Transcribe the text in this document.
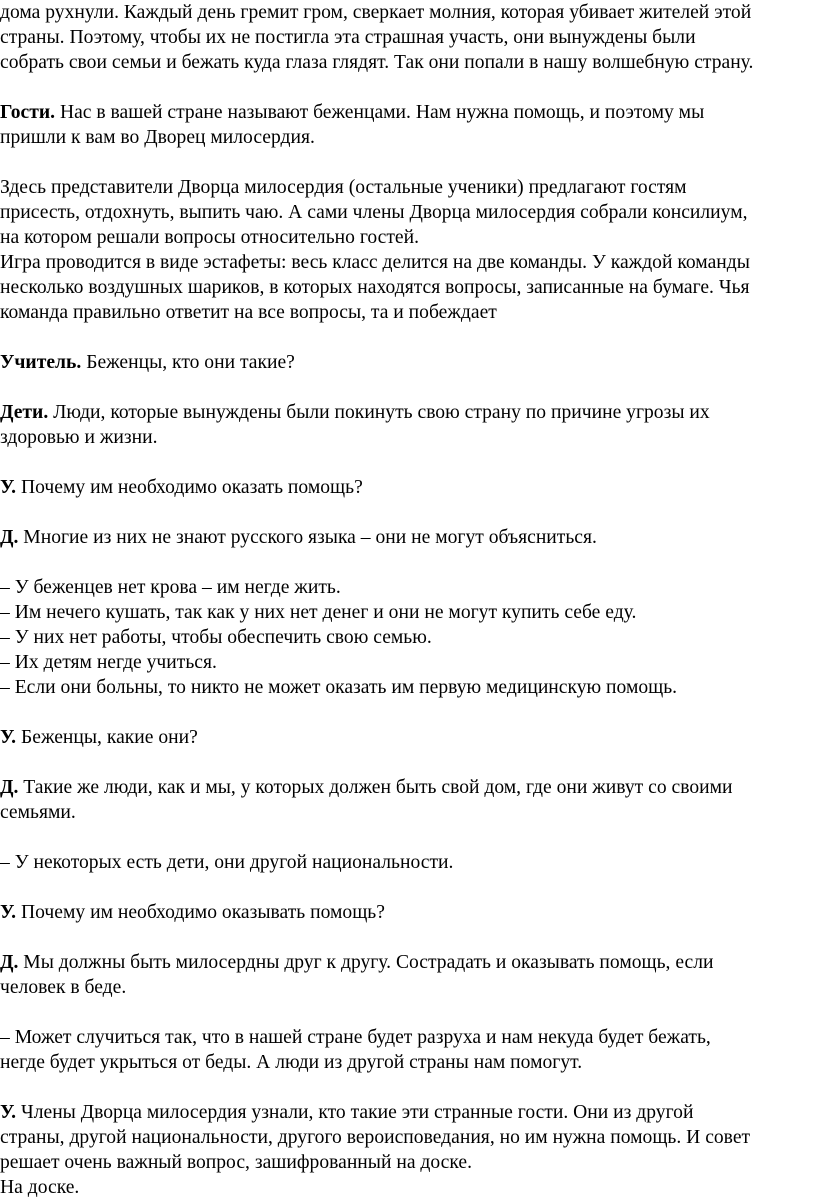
дома рухнули. Каждый день гремит гром, сверкает молния, которая убивает жителей этой
страны. Поэтому, чтобы их не постигла эта страшная участь, они вынуждены были
собрать свои семьи и бежать куда глаза глядят. Так они попали в нашу волшебную страну.
Гости. Нас в вашей стране называют беженцами. Нам нужна помощь, и поэтому мы
пришли к вам во Дворец милосердия.
Здесь представители Дворца милосердия (остальные ученики) предлагают гостям
присесть, отдохнуть, выпить чаю. А сами члены Дворца милосердия собрали консилиум,
на котором решали вопросы относительно гостей.
Игра проводится в виде эстафеты: весь класс делится на две команды. У каждой команды
несколько воздушных шариков, в которых находятся вопросы, записанные на бумаге. Чья
команда правильно ответит на все вопросы, та и побеждает
Учитель. Беженцы, кто они такие?
Дети. Люди, которые вынуждены были покинуть свою страну по причине угрозы их
здоровью и жизни.
У. Почему им необходимо оказать помощь?
Д. Многие из них не знают русского языка – они не могут объясниться.
– У беженцев нет крова – им негде жить.
– Им нечего кушать, так как у них нет денег и они не могут купить себе еду.
– У них нет работы, чтобы обеспечить свою семью.
– Их детям негде учиться.
– Если они больны, то никто не может оказать им первую медицинскую помощь.
У. Беженцы, какие они?
Д. Такие же люди, как и мы, у которых должен быть свой дом, где они живут со своими
семьями.
– У некоторых есть дети, они другой национальности.
У. Почему им необходимо оказывать помощь?
Д. Мы должны быть милосердны друг к другу. Сострадать и оказывать помощь, если
человек в беде.
– Может случиться так, что в нашей стране будет разруха и нам некуда будет бежать,
негде будет укрыться от беды. А люди из другой страны нам помогут.
У. Члены Дворца милосердия узнали, кто такие эти странные гости. Они из другой
страны, другой национальности, другого вероисповедания, но им нужна помощь. И совет
решает очень важный вопрос, зашифрованный на доске.
На доске.
